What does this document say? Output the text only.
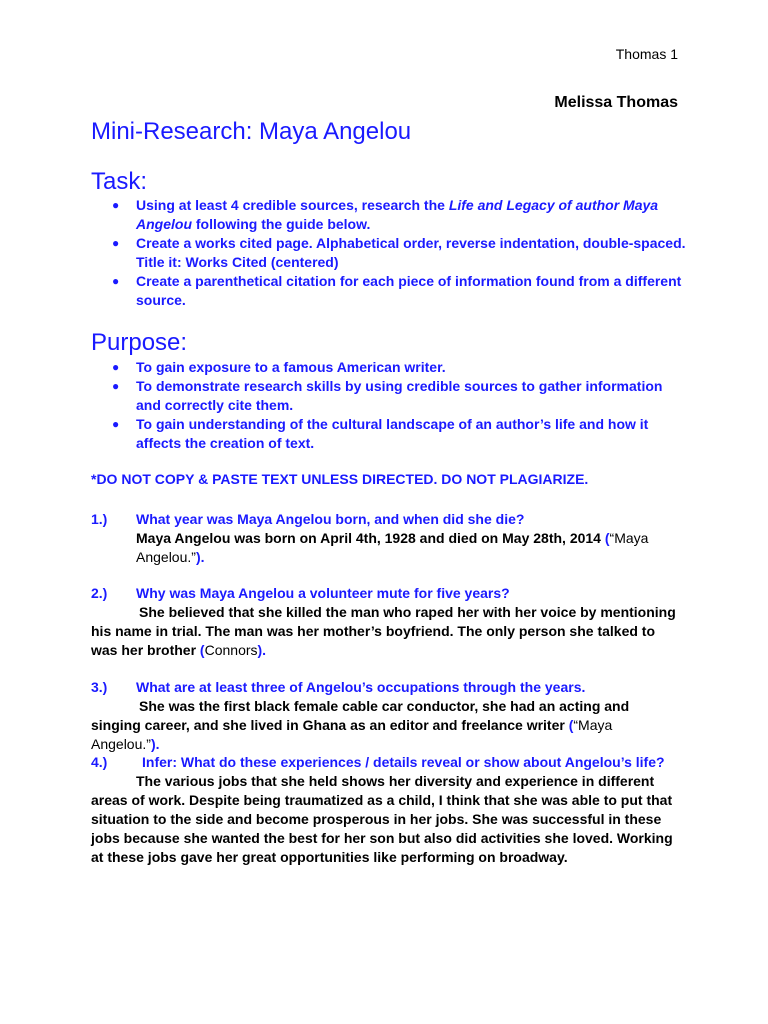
Thomas 1
Melissa Thomas
Mini-Research: Maya Angelou
Task:
● Using at least 4 credible sources, research the Life and Legacy of author Maya Angelou following the guide below.
● Create a works cited page. Alphabetical order, reverse indentation, double-spaced. Title it: Works Cited (centered)
● Create a parenthetical citation for each piece of information found from a different source.
Purpose:
● To gain exposure to a famous American writer.
● To demonstrate research skills by using credible sources to gather information and correctly cite them.
● To gain understanding of the cultural landscape of an author’s life and how it affects the creation of text.
*DO NOT COPY & PASTE TEXT UNLESS DIRECTED. DO NOT PLAGIARIZE.
1.) What year was Maya Angelou born, and when did she die?
Maya Angelou was born on April 4th, 1928 and died on May 28th, 2014 (“Maya Angelou.”).
2.) Why was Maya Angelou a volunteer mute for five years?
She believed that she killed the man who raped her with her voice by mentioning his name in trial. The man was her mother’s boyfriend. The only person she talked to was her brother (Connors).
3.) What are at least three of Angelou’s occupations through the years.
She was the first black female cable car conductor, she had an acting and singing career, and she lived in Ghana as an editor and freelance writer (“Maya Angelou.”).
4.) Infer: What do these experiences / details reveal or show about Angelou’s life?
The various jobs that she held shows her diversity and experience in different areas of work. Despite being traumatized as a child, I think that she was able to put that situation to the side and become prosperous in her jobs. She was successful in these jobs because she wanted the best for her son but also did activities she loved. Working at these jobs gave her great opportunities like performing on broadway.
